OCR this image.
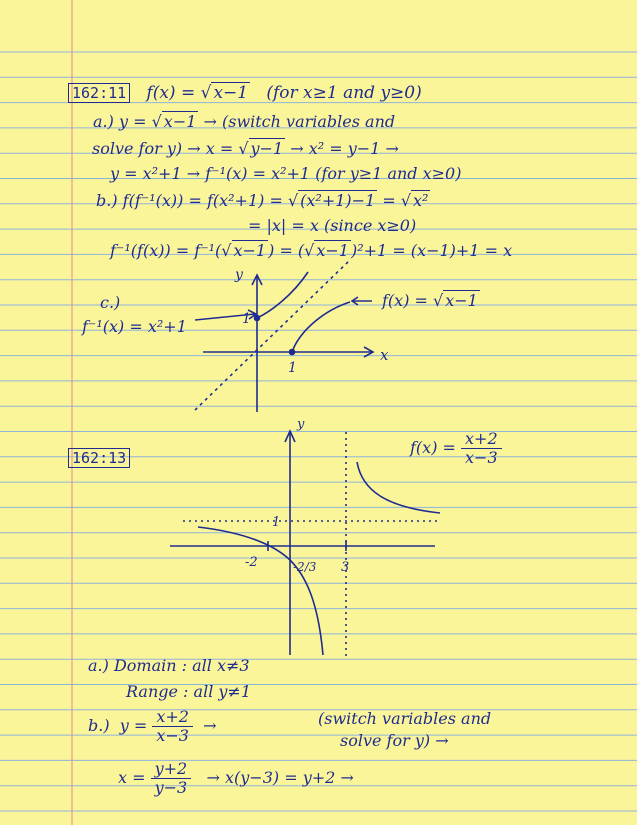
y
x
1
1
y
1
-2	-2/3 3
162:11 f(x) = √ x−1 (for x≥1 and y≥0)
a.) y = √ x−1 → (switch variables and
solve for y) → x = √ y−1 → x² = y−1 →
y = x²+1 → f⁻¹(x) = x²+1 (for y≥1 and x≥0)
b.) f(f⁻¹(x)) = f(x²+1) = √ (x²+1)−1 = √ x²
= |x| = x (since x≥0)
f⁻¹(f(x)) = f⁻¹(√ x−1 ) = (√ x−1 )²+1 = (x−1)+1 = x
c.)
f⁻¹(x) = x²+1
f(x) = √ x−1
162:13
$f(x) = \frac{x+2}{x-3}$
a.) Domain : all x≠3
Range : all y≠1
b.) $y = \frac{x+2}{x-3}$ →	(switch variables and
solve for y) →
$x = \frac{y+2}{y-3} \to x(y-3) = y+2$ →
